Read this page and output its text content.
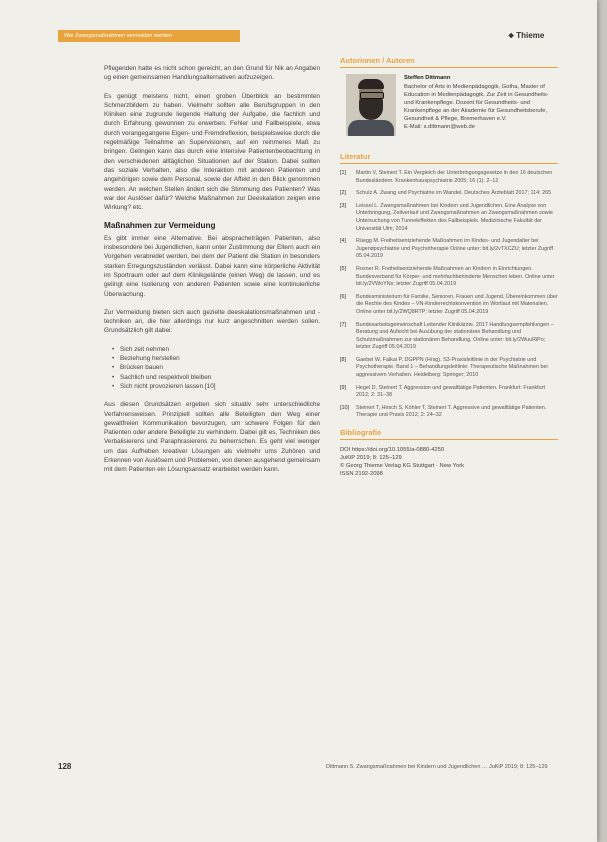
Wie Zwangsmaßnahmen vermeiden werden	❖ Thieme

Pflegenden hatte es nicht schon gereicht, an den Grund für Nik an Angaben ug einen gemeinsamen Handlungsalternativen aufzuzeigen.

Es genügt meistens nicht, einen groben Überblick an bestimmten Schmerzbildern zu haben. Vielmehr sollten alle Berufsgruppen in den Kliniken eine zugrunde liegende Haltung der Aufgabe, die fachlich und durch Erfahrung gewonnen zu erwerben. Fehler und Fallbeispiele, etwa durch vorangegangene Eigen- und Fremdreflexion, beispielsweise durch die regelmäßige Teilnahme an Supervisionen, auf ein reinmeres Maß zu bringen. Gelingen kann das durch eine intensive Patientenbeobachtung in den verschiedenen alltäglichen Situationen auf der Station. Dabei sollten das soziale Verhalten, also die Interaktion mit anderen Patienten und angehörigen sowie dem Personal, sowie der Affekt in den Blick genommen werden. An welchen Stellen ändert sich die Stimmung des Patienten? Was war der Auslöser dafür? Welche Maßnahmen zur Deeskalation zeigen eine Wirkung? etc.

Maßnahmen zur Vermeidung

Es gibt immer eine Alternative. Bei abspracheträgen Patienten, also insbesondere bei Jugendlichen, kann unter Zustimmung der Eltern auch ein Vorgehen verabredet werden, bei dem der Patient die Station in besonders starken Erregungszuständen verlässt. Dabei kann eine körperliche Aktivität im Sportraum oder auf dem Klinikgelände (einen Weg) de lassen, und es gelingt eine Isolierung von anderen Patienten sowie eine kontinuierliche Überwachung.

Zur Vermeidung bieten sich auch gezielte deeskalationsmaßnahmen und -techniken an, die hier allerdings nur kurz angeschnitten werden sollen. Grundsätzlich gilt dabei:

• Sich zeit nehmen
• Beziehung herstellen
• Brücken bauen
• Sachlich und respektvoll bleiben
• Sich nicht provozieren lassen [10]

Aus diesen Grundsätzen ergeben sich situativ sehr unterschiedliche Verfahrensweisen. Prinzipiell sollten alle Beteiligten den Weg einer gewaltfreien Kommunikation bevorzugen, um schwere Folgen für den Patienten oder andere Beteiligte zu verhindern. Dabei gilt es, Techniken des Verbalisierens und Paraphrasierens zu beherrschen. Es geht viel weniger um das Aufheben kreativer Lösungen als vielmehr ums Zuhören und Erkennen von Auslösern und Problemen, von denen ausgehend gemeinsam mit dem Patienten ein Lösungsansatz erarbeitet werden kann.

Autorinnen / Autoren
Steffen Dittmann
Bachelor of Arts in Medienpädagogik, Gotha, Master of Education in Medienpädagogik. Zur Zeit in Gesundheits- und Krankenpflege. Dozent für Gesundheits- und Krankenpflege an der Akademie für Gesundheitsberufe, Gesundheit & Pflege, Bremerhaven e.V.
E-Mail: s.dittmann@web.de
Literatur
[1]	Martin V, Steinert T. Ein Vergleich der Unterbringungsgesetze in den 16 deutschen Bundesländern. Krankenhauspsychiatrie 2005; 16 (1): 2–12
[2]	Schulz A. Zwang und Psychiatrie im Wandel. Deutsches Ärzteblatt 2017; 114: 265
[3]	Leissel L. Zwangsmaßnahmen bei Kindern und Jugendlichen. Eine Analyse von Unterbringung, Zeitverlauf und Zwangsmaßnahmen an Zwangsmaßnahmen sowie Untersuchung von Tunneleffekten des Fallbeispiels. Medizinische Fakultät der Universität Ulm; 2014
[4]	Rüegg M. Freiheitsentziehende Maßnahmen im Kindes- und Jugendalter bei Jugendpsychiatrie und Psychotherapie Online unter: bit.ly/2vTXCZU; letzter Zugriff 05.04.2019
[5]	Rosner R. Freiheitsentziehende Maßnahmen an Kindern in Einrichtungen. Bundesverband für Körper- und mehrfachbehinderte Menschen leben. Online unter bit.ly/2VWoYNx; letzter Zugriff 05.04.2019
[6]	Bundesministerium für Familie, Senioren, Frauen und Jugend. Übereinkommen über die Rechte des Kindes – VN-Kinderrechtskonvention im Wortlaut mit Materialien. Online unter bit.ly/2WQ8RTP; letzter Zugriff 05.04.2019
[7]	Bundesarbeitsgemeinschaft Leitender Klinikärzte. 2017 Handlungsempfehlungen – Beratung und Aufsicht bei Ausübung der stationären Behandlung und Schutzmaßnahmen zur stationären Behandlung. Online unter: bit.ly/2WuuRiPo; letzter Zugriff 05.04.2019
[8]	Gaebel W, Falkai P, DGPPN (Hrsg). S3-Praxisleitlinie in der Psychiatrie und Psychotherapie. Band 1 – Behandlungsleitlinie: Therapeutische Maßnahmen bei aggressivem Verhalten. Heidelberg: Springer; 2010
[9]	Hegel D, Steinert T. Aggression und gewalttätige Patienten. Frankfurt: Frankfurt 2012; 2: 31–38
[10]	Steinert T, Hirsch S, Köhler T, Steinert T. Aggressive und gewalttätige Patienten. Therapie und Praxis 2012; 2: 24–32
Bibliografie
DOI https://doi.org/10.1055/a-0880-4250
JuKiP 2019; 8: 125–129
© Georg Thieme Verlag KG Stuttgart · New York
ISSN 2192-2098
128	Dittmann S. Zwangsmaßnahmen bei Kindern und Jugendlichen … JuKiP 2019; 8: 125–129
